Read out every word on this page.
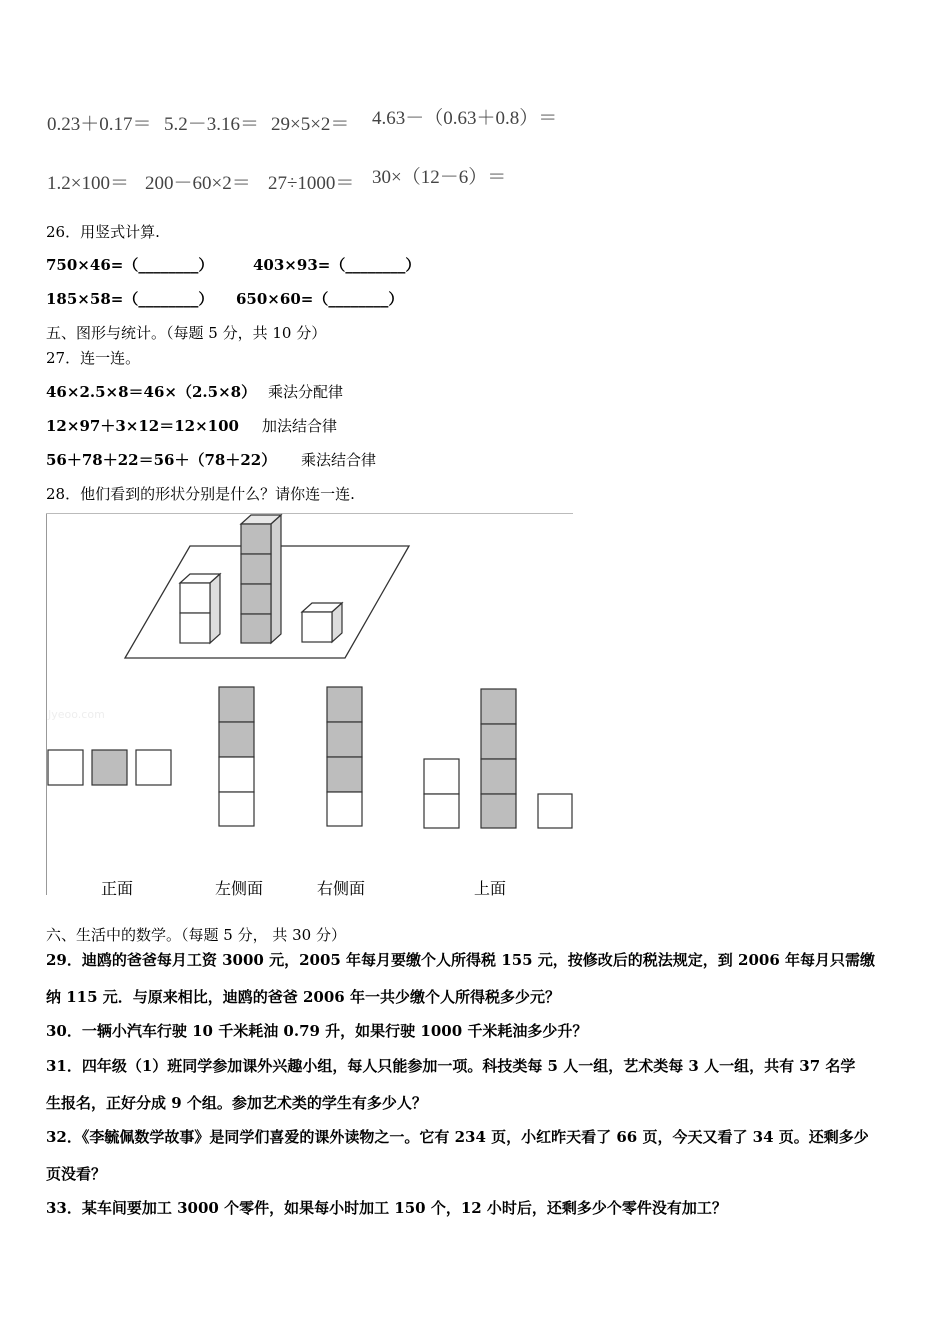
0.23＋0.17＝ 5.2－3.16＝ 29×5×2＝ 4.63－（0.63＋0.8）＝
1.2×100＝ 200－60×2＝ 27÷1000＝ 30×（12－6）＝
26．用竖式计算.
750×46=（________）	403×93=（________）
185×58=（________） 650×60=（________）
五、图形与统计。（每题 5 分，共 10 分）
27．连一连。
46×2.5×8＝46×（2.5×8） 乘法分配律
12×97＋3×12＝12×100 加法结合律
56＋78＋22＝56＋（78＋22） 乘法结合律
28．他们看到的形状分别是什么？请你连一连.
Jyeoo.com
正面	左侧面	右侧面	上面
六、生活中的数学。（每题 5 分， 共 30 分）
29．迪鸥的爸爸每月工资 3000 元，2005 年每月要缴个人所得税 155 元，按修改后的税法规定，到 2006 年每月只需缴
纳 115 元．与原来相比，迪鸥的爸爸 2006 年一共少缴个人所得税多少元？
30．一辆小汽车行驶 10 千米耗油 0.79 升，如果行驶 1000 千米耗油多少升？
31．四年级（1）班同学参加课外兴趣小组，每人只能参加一项。科技类每 5 人一组，艺术类每 3 人一组，共有 37 名学
生报名，正好分成 9 个组。参加艺术类的学生有多少人？
32．《李毓佩数学故事》是同学们喜爱的课外读物之一。它有 234 页，小红昨天看了 66 页，今天又看了 34 页。还剩多少
页没看？
33．某车间要加工 3000 个零件，如果每小时加工 150 个，12 小时后，还剩多少个零件没有加工？
